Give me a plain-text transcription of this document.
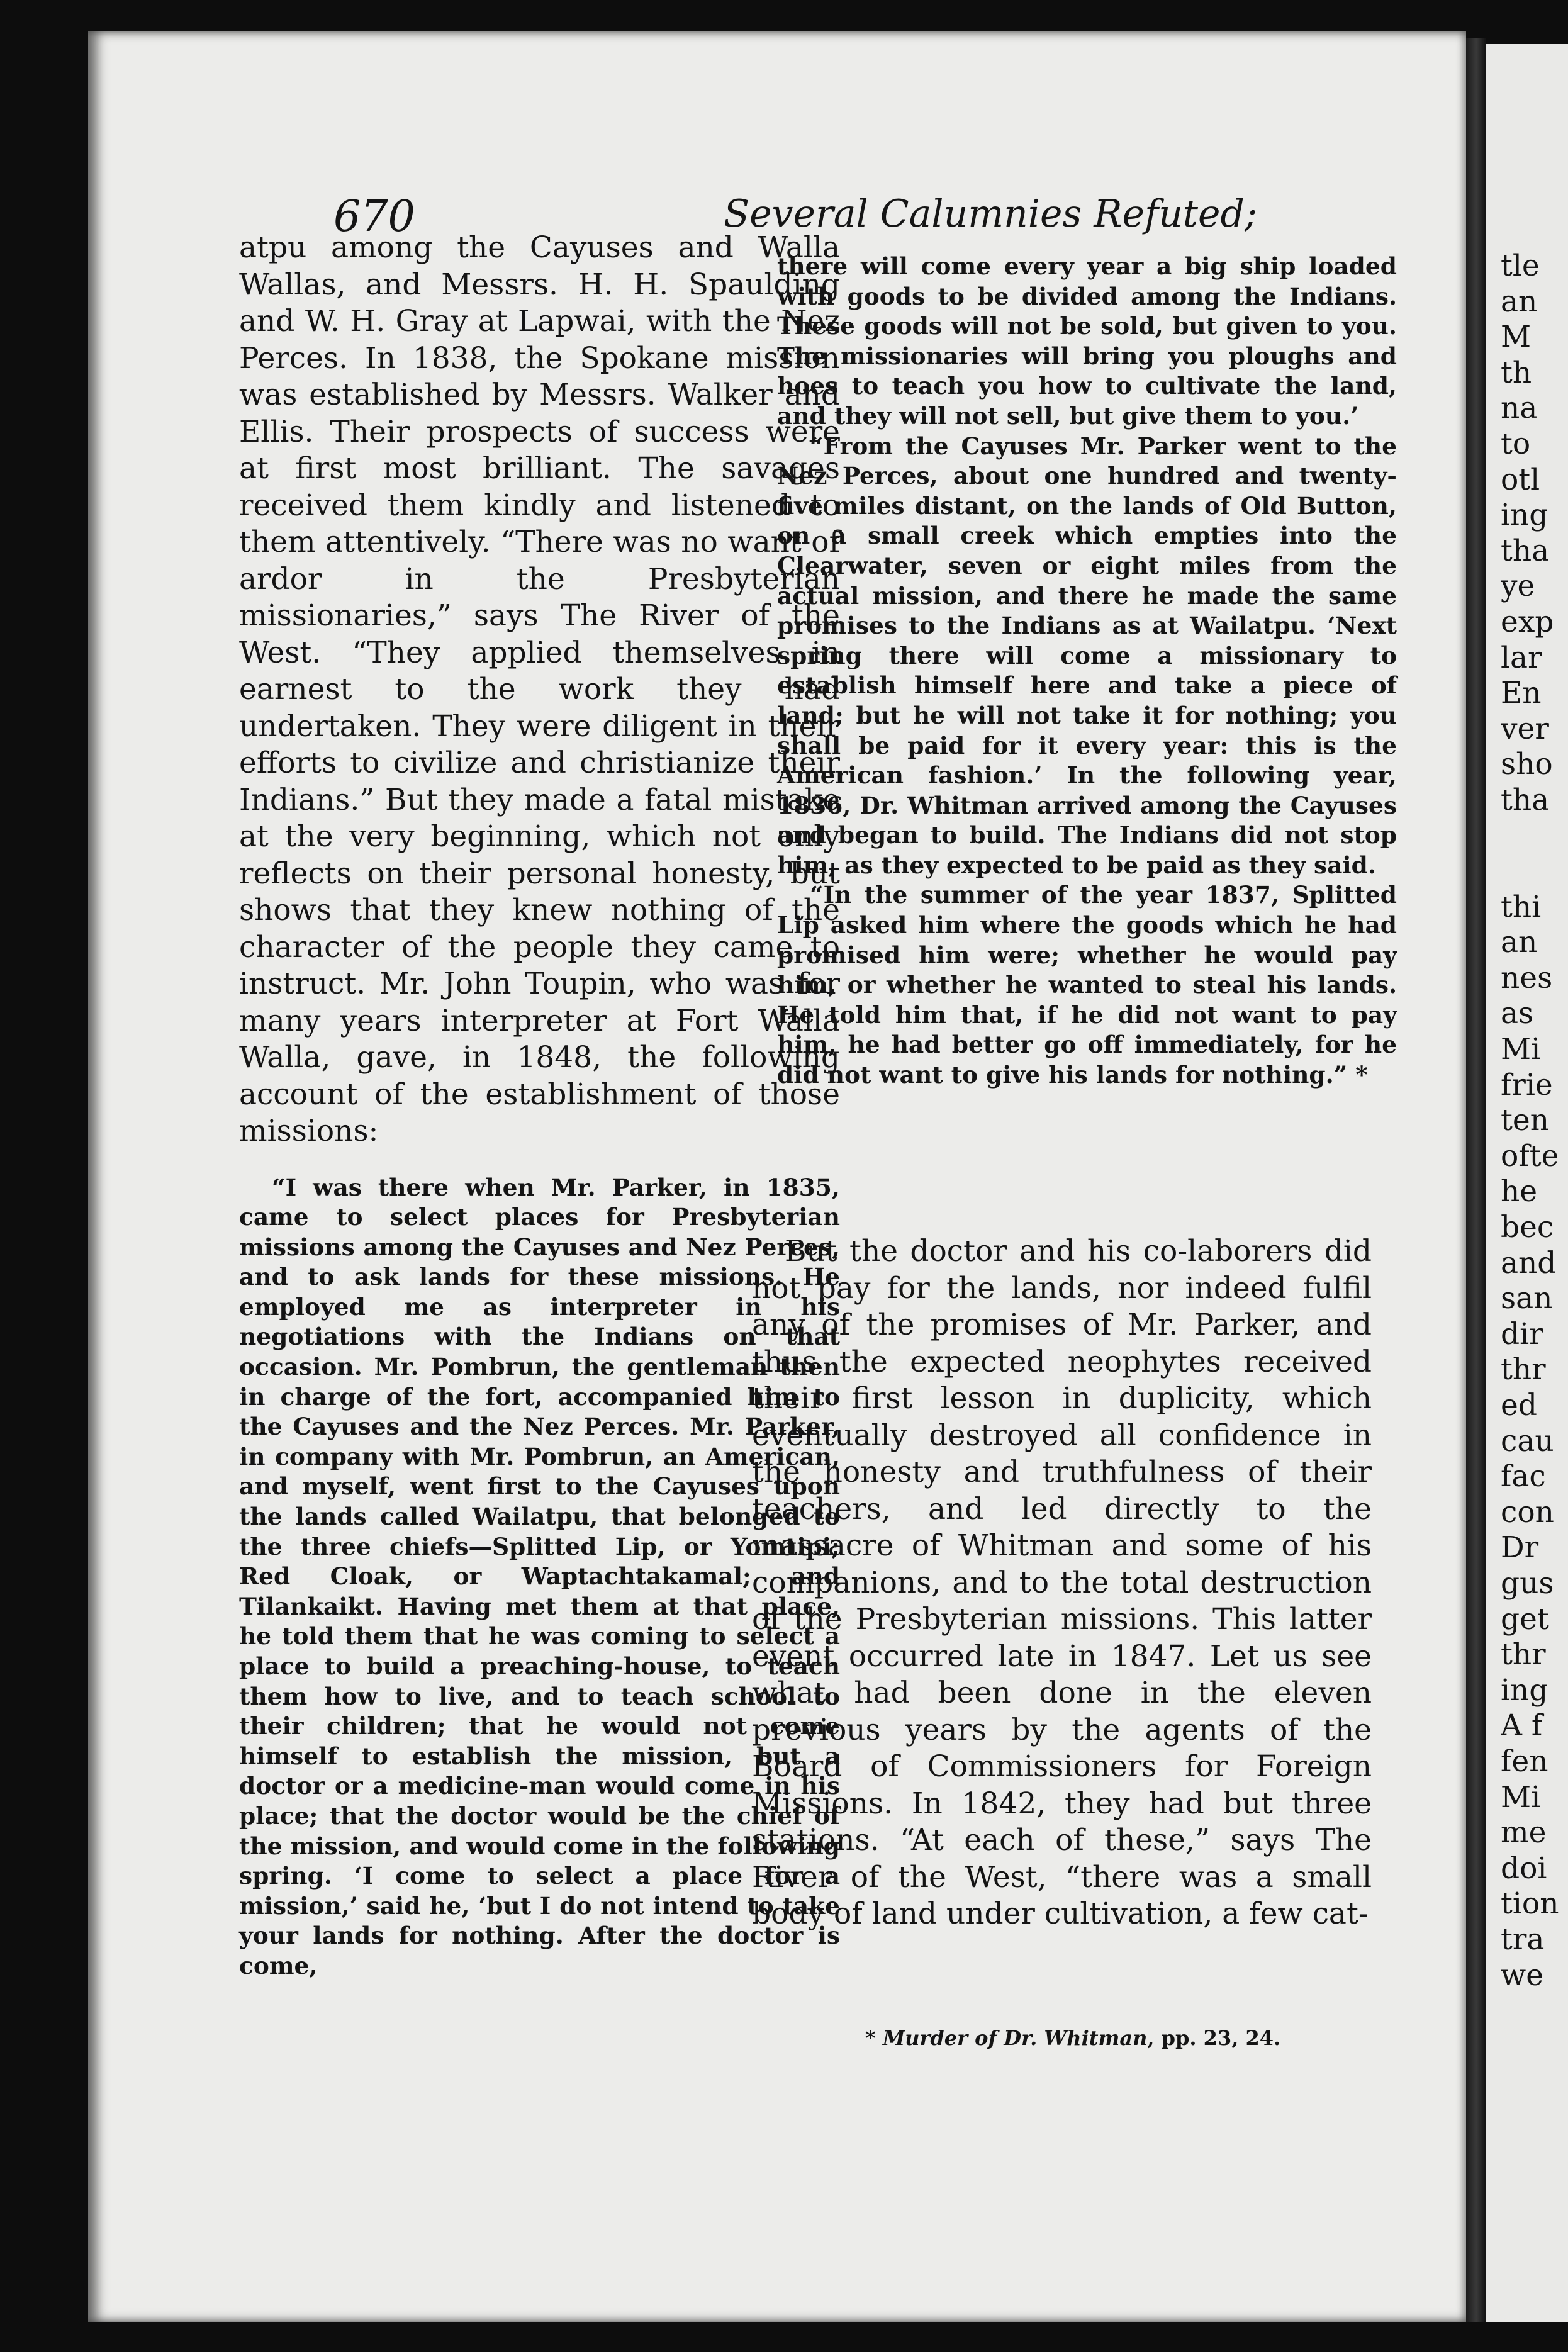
tle
an
M
th
na
to
otl
ing
tha
ye
exp
lar
En
ver
sho
tha
thi
an
nes
as
Mi
frie
ten
ofte
he
bec
and
san
dir
thr
ed
cau
fac
con
Dr
gus
get
thr
ing
A f
fen
Mi
me
doi
tion
tra
we
670	Several Calumnies Refuted;

atpu among the Cayuses and Walla Wallas, and Messrs. H. H. Spaulding and W. H. Gray at Lapwai, with the Nez Perces. In 1838, the Spokane mission was established by Messrs. Walker and Ellis. Their prospects of success were at first most brilliant. The savages received them kindly and listened to them attentively. “There was no want of ardor in the Presbyterian missionaries,” says The River of the West. “They applied themselves in earnest to the work they had undertaken. They were diligent in their efforts to civilize and christianize their Indians.” But they made a fatal mistake at the very beginning, which not only reflects on their personal honesty, but shows that they knew nothing of the character of the people they came to instruct. Mr. John Toupin, who was for many years interpreter at Fort Walla Walla, gave, in 1848, the following account of the establishment of those missions:

“I was there when Mr. Parker, in 1835, came to select places for Presbyterian missions among the Cayuses and Nez Perces, and to ask lands for these missions. He employed me as interpreter in his negotiations with the Indians on that occasion. Mr. Pombrun, the gentleman then in charge of the fort, accompanied him to the Cayuses and the Nez Perces. Mr. Parker, in company with Mr. Pombrun, an American, and myself, went first to the Cayuses upon the lands called Wailatpu, that belonged to the three chiefs—Splitted Lip, or Yomtipi; Red Cloak, or Waptachtakamal; and Tilankaikt. Having met them at that place, he told them that he was coming to select a place to build a preaching-house, to teach them how to live, and to teach school to their children; that he would not come himself to establish the mission, but a doctor or a medicine-man would come in his place; that the doctor would be the chief of the mission, and would come in the following spring. ‘I come to select a place for a mission,’ said he, ‘but I do not intend to take your lands for nothing. After the doctor is come,

there will come every year a big ship loaded with goods to be divided among the Indians. These goods will not be sold, but given to you. The missionaries will bring you ploughs and hoes to teach you how to cultivate the land, and they will not sell, but give them to you.’

“From the Cayuses Mr. Parker went to the Nez Perces, about one hundred and twenty-five miles distant, on the lands of Old Button, on a small creek which empties into the Clearwater, seven or eight miles from the actual mission, and there he made the same promises to the Indians as at Wailatpu. ‘Next spring there will come a missionary to establish himself here and take a piece of land; but he will not take it for nothing; you shall be paid for it every year: this is the American fashion.’ In the following year, 1836, Dr. Whitman arrived among the Cayuses and began to build. The Indians did not stop him, as they expected to be paid as they said.

“In the summer of the year 1837, Splitted Lip asked him where the goods which he had promised him were; whether he would pay him, or whether he wanted to steal his lands. He told him that, if he did not want to pay him, he had better go off immediately, for he did not want to give his lands for nothing.” *

But the doctor and his co-laborers did not pay for the lands, nor indeed fulfil any of the promises of Mr. Parker, and thus the expected neophytes received their first lesson in duplicity, which eventually destroyed all confidence in the honesty and truthfulness of their teachers, and led directly to the massacre of Whitman and some of his companions, and to the total destruction of the Presbyterian missions. This latter event occurred late in 1847. Let us see what had been done in the eleven previous years by the agents of the Board of Commissioners for Foreign Missions. In 1842, they had but three stations. “At each of these,” says The River of the West, “there was a small body of land under cultivation, a few cat-

* Murder of Dr. Whitman, pp. 23, 24.
